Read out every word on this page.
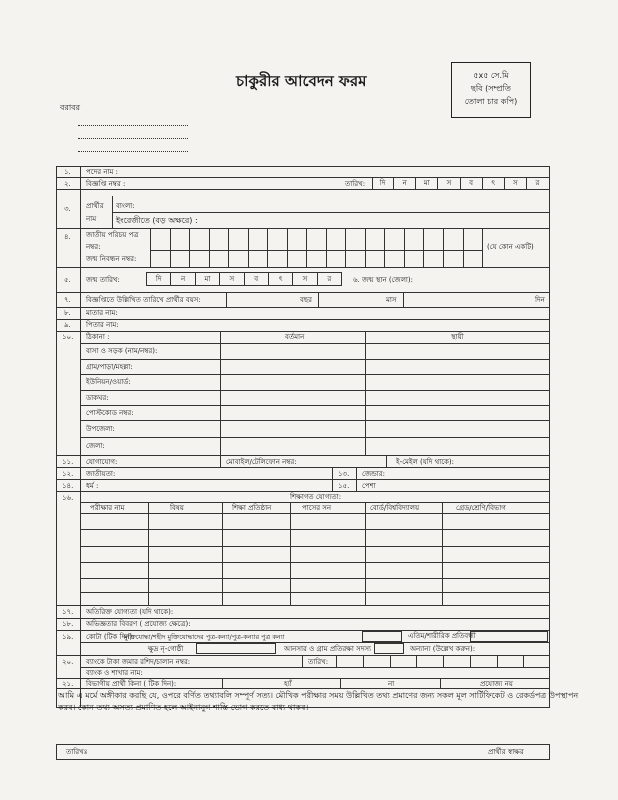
চাকুরীর আবেদন ফরম	৫x৫ সে.মি
ছবি (সম্প্রতি
তোলা চার কপি)
বরাবর
১. পদের নাম :
২. বিজ্ঞপ্তি নম্বর :	তারিখ:	দি	ন	মা	স	ব	ৎ	স	র
৩. প্রার্থীর
নাম
বাংলা:
ইংরেজীতে (বড় অক্ষরে) :
৪. জাতীয় পরিচয় পত্র
নম্বর:
জন্ম নিবন্ধন নম্বর:
(যে কোন একটি)
৫. জন্ম তারিখ:	দি	ন	মা	স	ব	ৎ	স	র	৬. জন্ম স্থান (জেলা):
৭. বিজ্ঞপ্তিতে উল্লিখিত তারিখে প্রার্থীর বয়স:	বছর	মাস	দিন
৮. মাতার নাম:
৯. পিতার নাম:
১০. ঠিকানা :	বর্তমান	স্থায়ী
বাসা ও সড়ক (নাম/নম্বর):
গ্রাম/পাড়া/মহল্লা:
ইউনিয়ন/ওয়ার্ড:
ডাকঘর:
পোস্টকোড নম্বর:
উপজেলা:
জেলা:
১১. যোগাযোগ:	মোবাইল/টেলিফোন নম্বর:	ই-মেইল (যদি থাকে):
১২. জাতীয়তা:	১৩. জেন্ডার:
১৪. ধর্ম :	১৫. পেশা
১৬.	শিক্ষাগত যোগ্যতা:
পরীক্ষার নাম	বিষয়	শিক্ষা প্রতিষ্ঠান	পাসের সন	বোর্ড/বিশ্ববিদ্যালয়	গ্রেড/শ্রেণি/বিভাগ
১৭. অতিরিক্ত যোগ্যতা (যদি থাকে):
১৮. অভিজ্ঞতার বিবরণ ( প্রযোজ্য ক্ষেত্রে):
১৯. কোটা (টিক দিন):
মুক্তিযোদ্ধা/শহীদ মুক্তিযোদ্ধাদের পুত্র-কন্যা/পুত্র-কন্যার পুত্র কন্যা	এতিম/শারীরিক প্রতিবন্ধী
ক্ষুদ্র নৃ-গোষ্ঠী	আনসার ও গ্রাম প্রতিরক্ষা সদস্য	অন্যান্য (উল্লেখ করুন):
২০. ব্যাংকে টাকা জমার রশিদ/চালান নম্বর:	তারিখ:
ব্যাংক ও শাখার নাম:
২১. বিভাগীয় প্রার্থী কিনা ( টিক দিন):	হ্যাঁ	না	প্রযোজ্য নয়
আমি এ মর্মে অঙ্গীকার করছি যে, ওপরে বর্ণিত তথ্যাবলি সম্পূর্ণ সত্য। মৌখিক পরীক্ষার সময় উল্লিখিত তথ্য প্রমাণের জন্য সকল মূল সার্টিফিকেট ও রেকর্ডপত্র উপস্থাপন করব। কোন তথ্য অসত্য প্রমাণিত হলে আইনানুগ শাস্তি ভোগ করতে বাধ্য থাকব।
তারিখঃ	প্রার্থীর স্বাক্ষর
